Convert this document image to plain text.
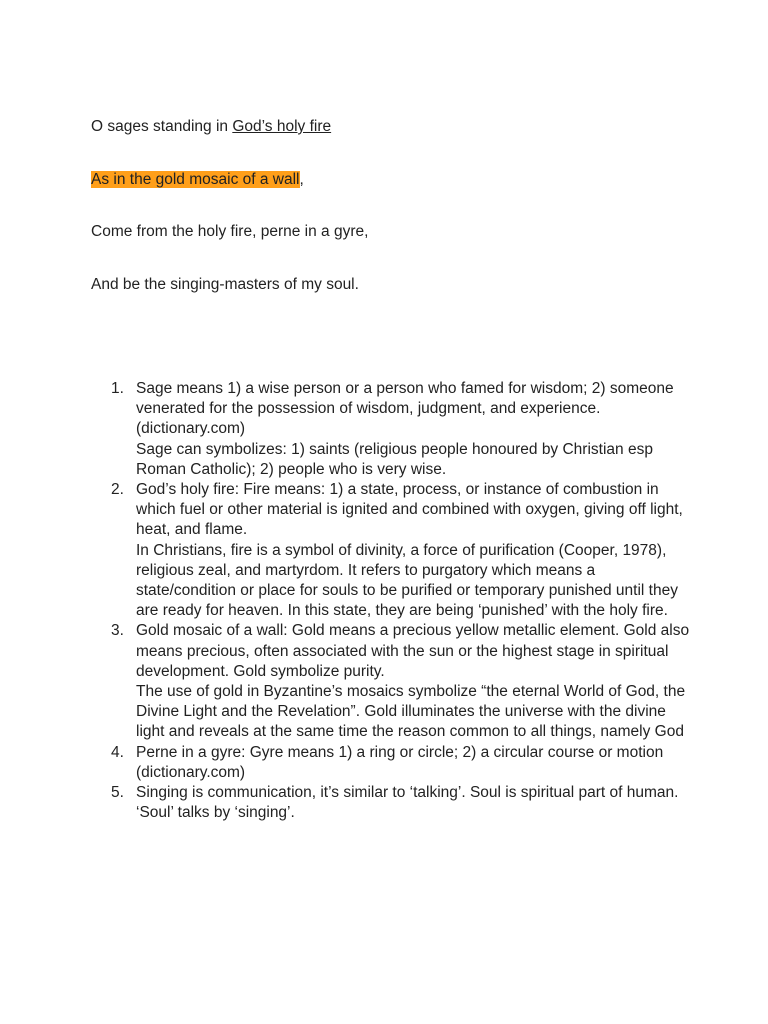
O sages standing in God’s holy fire

As in the gold mosaic of a wall,

Come from the holy fire, perne in a gyre,

And be the singing-masters of my soul.

1. Sage means 1) a wise person or a person who famed for wisdom; 2) someone venerated for the possession of wisdom, judgment, and experience. (dictionary.com)
Sage can symbolizes: 1) saints (religious people honoured by Christian esp Roman Catholic); 2) people who is very wise.
2. God’s holy fire: Fire means: 1) a state, process, or instance of combustion in which fuel or other material is ignited and combined with oxygen, giving off light, heat, and flame.
In Christians, fire is a symbol of divinity, a force of purification (Cooper, 1978), religious zeal, and martyrdom. It refers to purgatory which means a state/condition or place for souls to be purified or temporary punished until they are ready for heaven. In this state, they are being ‘punished’ with the holy fire.
3. Gold mosaic of a wall: Gold means a precious yellow metallic element. Gold also means precious, often associated with the sun or the highest stage in spiritual development. Gold symbolize purity.
The use of gold in Byzantine’s mosaics symbolize “the eternal World of God, the Divine Light and the Revelation”. Gold illuminates the universe with the divine light and reveals at the same time the reason common to all things, namely God
4. Perne in a gyre: Gyre means 1) a ring or circle; 2) a circular course or motion (dictionary.com)
5. Singing is communication, it’s similar to ‘talking’. Soul is spiritual part of human. ‘Soul’ talks by ‘singing’.
